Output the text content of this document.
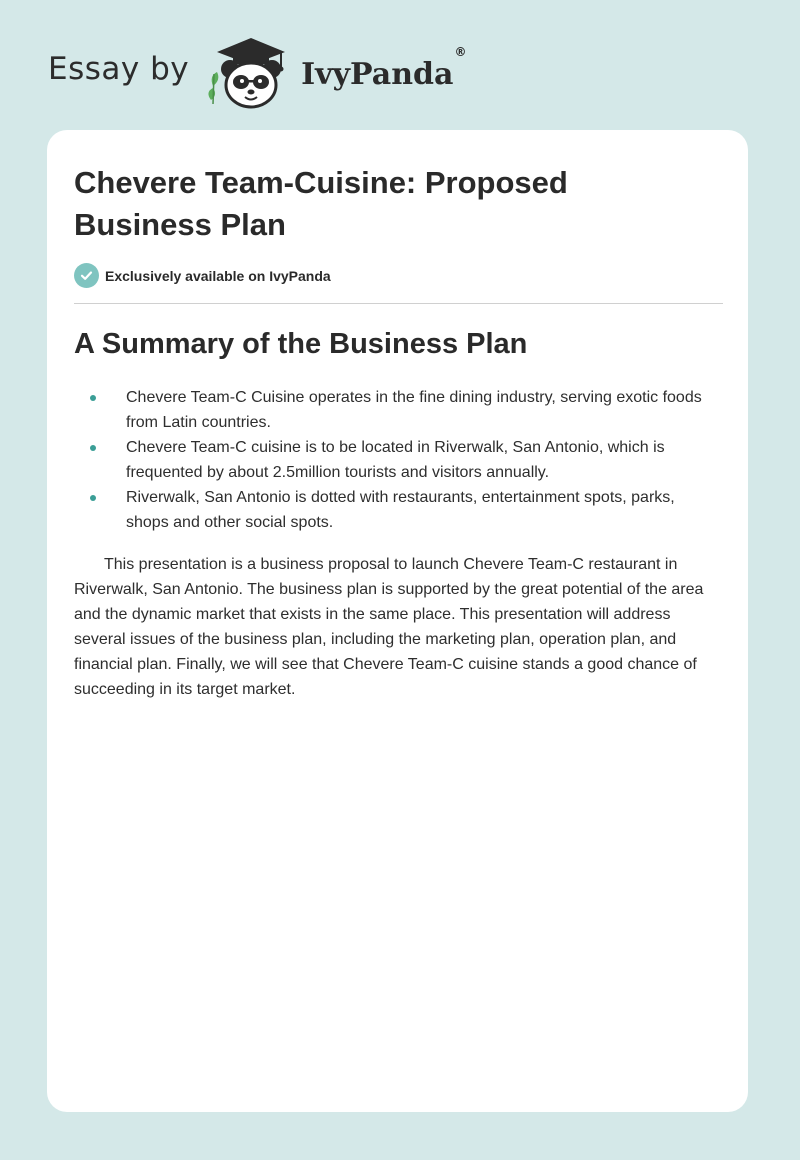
Essay by	IvyPanda®
Chevere Team-Cuisine: Proposed Business Plan
Exclusively available on IvyPanda
A Summary of the Business Plan
Chevere Team-C Cuisine operates in the fine dining industry, serving exotic foods from Latin countries.
Chevere Team-C cuisine is to be located in Riverwalk, San Antonio, which is frequented by about 2.5million tourists and visitors annually.
Riverwalk, San Antonio is dotted with restaurants, entertainment spots, parks, shops and other social spots.

This presentation is a business proposal to launch Chevere Team-C restaurant in Riverwalk, San Antonio. The business plan is supported by the great potential of the area and the dynamic market that exists in the same place. This presentation will address several issues of the business plan, including the marketing plan, operation plan, and financial plan. Finally, we will see that Chevere Team-C cuisine stands a good chance of succeeding in its target market.
